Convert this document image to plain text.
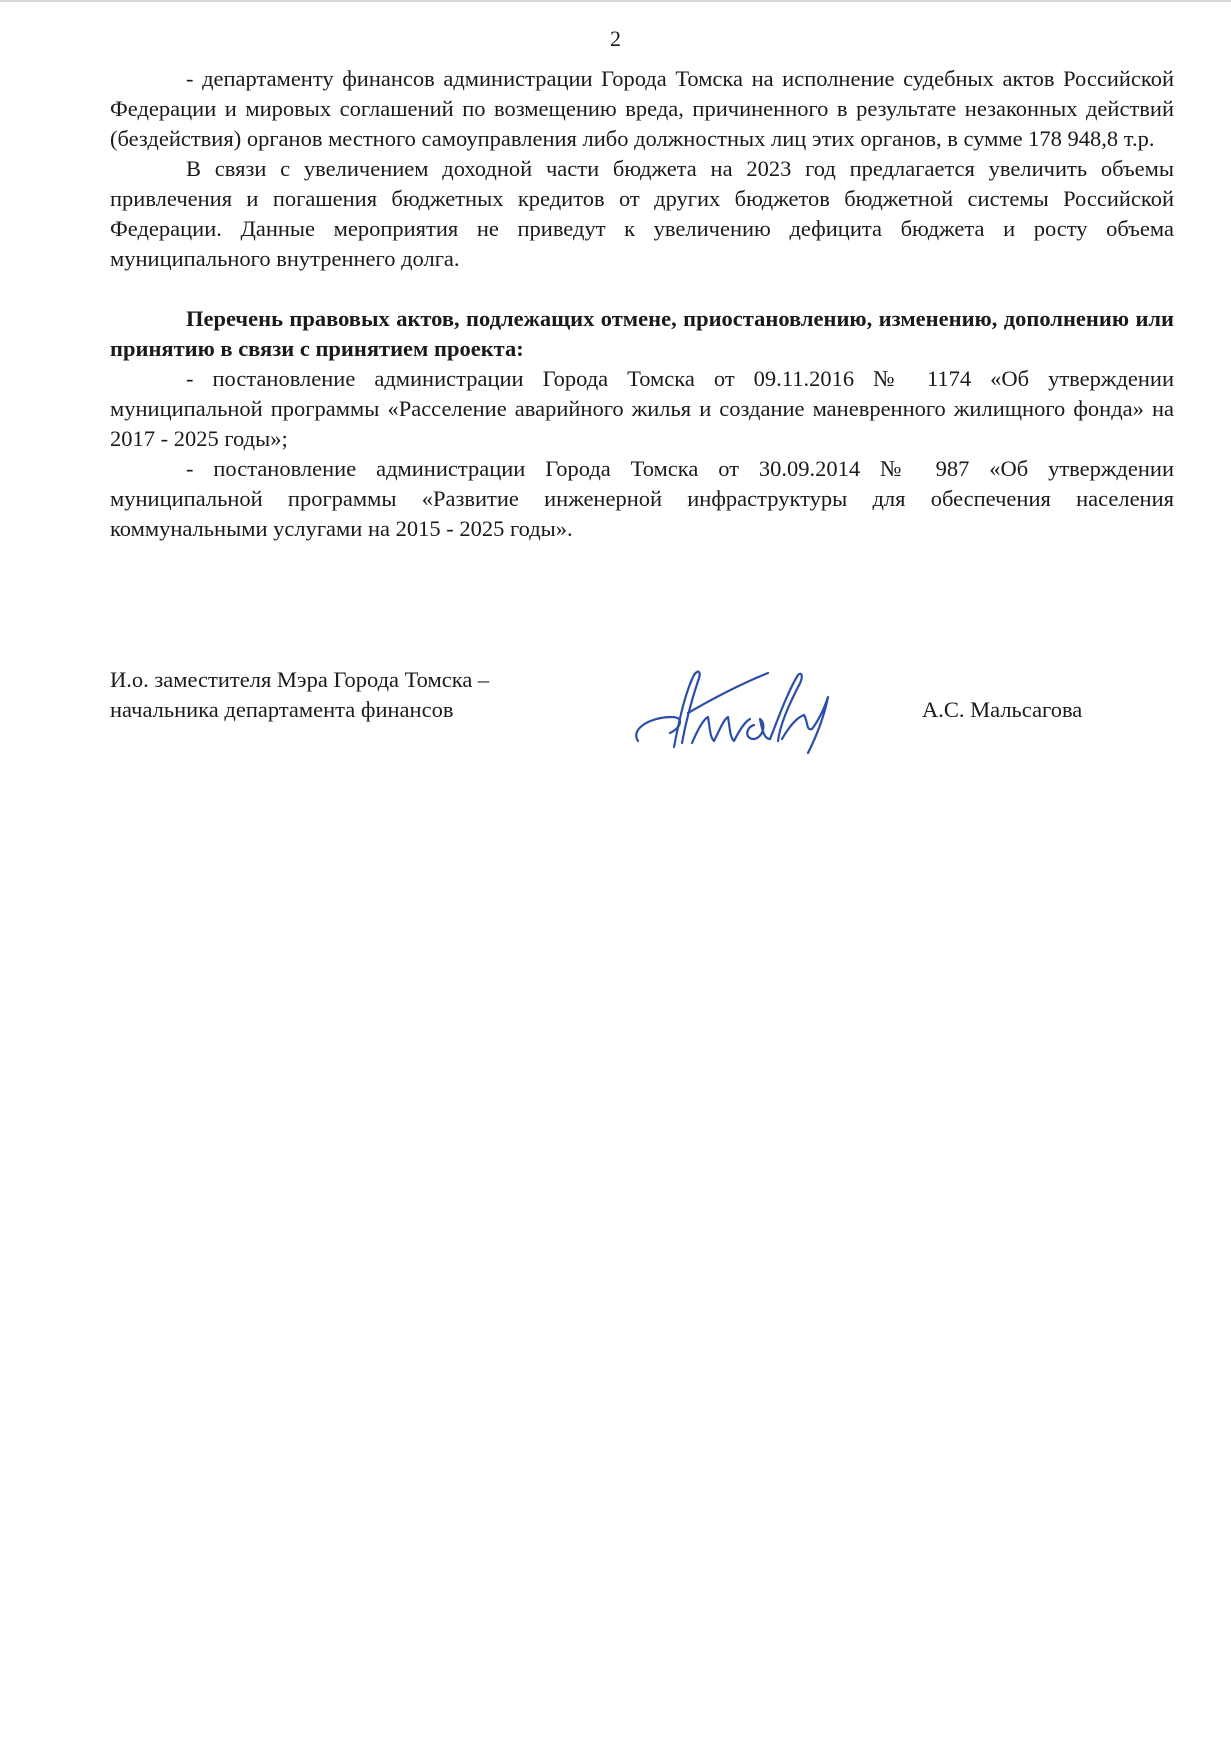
2

- департаменту финансов администрации Города Томска на исполнение судебных актов Российской Федерации и мировых соглашений по возмещению вреда, причиненного в результате незаконных действий (бездействия) органов местного самоуправления либо должностных лиц этих органов, в сумме 178 948,8 т.р.

В связи с увеличением доходной части бюджета на 2023 год предлагается увеличить объемы привлечения и погашения бюджетных кредитов от других бюджетов бюджетной системы Российской Федерации. Данные мероприятия не приведут к увеличению дефицита бюджета и росту объема муниципального внутреннего долга.

Перечень правовых актов, подлежащих отмене, приостановлению, изменению, дополнению или принятию в связи с принятием проекта:

- постановление администрации Города Томска от 09.11.2016 № 1174 «Об утверждении муниципальной программы «Расселение аварийного жилья и создание маневренного жилищного фонда» на 2017 - 2025 годы»;

- постановление администрации Города Томска от 30.09.2014 № 987 «Об утверждении муниципальной программы «Развитие инженерной инфраструктуры для обеспечения населения коммунальными услугами на 2015 - 2025 годы».

И.о. заместителя Мэра Города Томска –
начальника департамента финансов	А.С. Мальсагова
